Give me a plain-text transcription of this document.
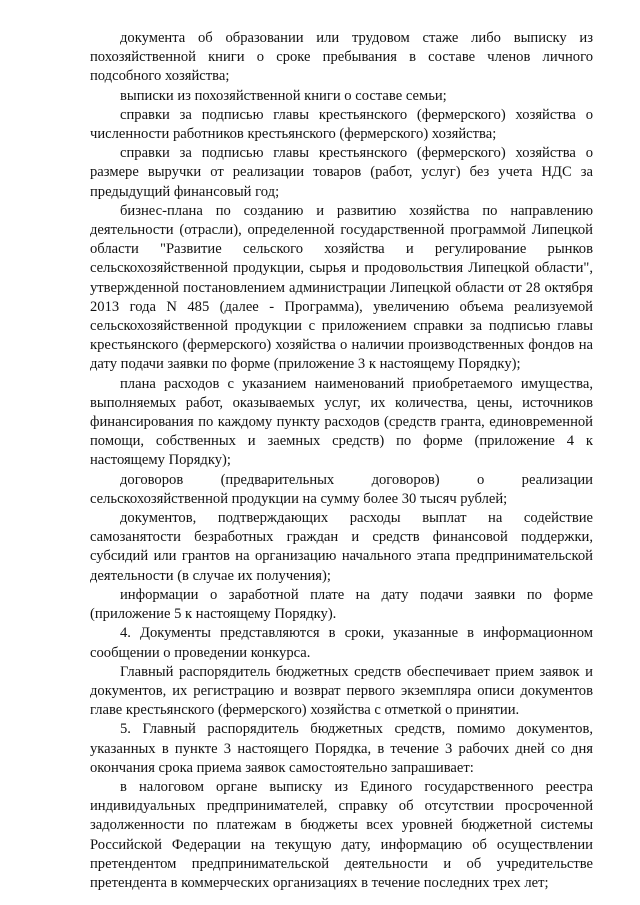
документа об образовании или трудовом стаже либо выписку из похозяйственной книги о сроке пребывания в составе членов личного подсобного хозяйства;

выписки из похозяйственной книги о составе семьи;

справки за подписью главы крестьянского (фермерского) хозяйства о численности работников крестьянского (фермерского) хозяйства;

справки за подписью главы крестьянского (фермерского) хозяйства о размере выручки от реализации товаров (работ, услуг) без учета НДС за предыдущий финансовый год;

бизнес-плана по созданию и развитию хозяйства по направлению деятельности (отрасли), определенной государственной программой Липецкой области "Развитие сельского хозяйства и регулирование рынков сельскохозяйственной продукции, сырья и продовольствия Липецкой области", утвержденной постановлением администрации Липецкой области от 28 октября 2013 года N 485 (далее - Программа), увеличению объема реализуемой сельскохозяйственной продукции с приложением справки за подписью главы крестьянского (фермерского) хозяйства о наличии производственных фондов на дату подачи заявки по форме (приложение 3 к настоящему Порядку);

плана расходов с указанием наименований приобретаемого имущества, выполняемых работ, оказываемых услуг, их количества, цены, источников финансирования по каждому пункту расходов (средств гранта, единовременной помощи, собственных и заемных средств) по форме (приложение 4 к настоящему Порядку);

договоров (предварительных договоров) о реализации сельскохозяйственной продукции на сумму более 30 тысяч рублей;

документов, подтверждающих расходы выплат на содействие самозанятости безработных граждан и средств финансовой поддержки, субсидий или грантов на организацию начального этапа предпринимательской деятельности (в случае их получения);

информации о заработной плате на дату подачи заявки по форме (приложение 5 к настоящему Порядку).

4. Документы представляются в сроки, указанные в информационном сообщении о проведении конкурса.

Главный распорядитель бюджетных средств обеспечивает прием заявок и документов, их регистрацию и возврат первого экземпляра описи документов главе крестьянского (фермерского) хозяйства с отметкой о принятии.

5. Главный распорядитель бюджетных средств, помимо документов, указанных в пункте 3 настоящего Порядка, в течение 3 рабочих дней со дня окончания срока приема заявок самостоятельно запрашивает:

в налоговом органе выписку из Единого государственного реестра индивидуальных предпринимателей, справку об отсутствии просроченной задолженности по платежам в бюджеты всех уровней бюджетной системы Российской Федерации на текущую дату, информацию об осуществлении претендентом предпринимательской деятельности и об учредительстве претендента в коммерческих организациях в течение последних трех лет;
